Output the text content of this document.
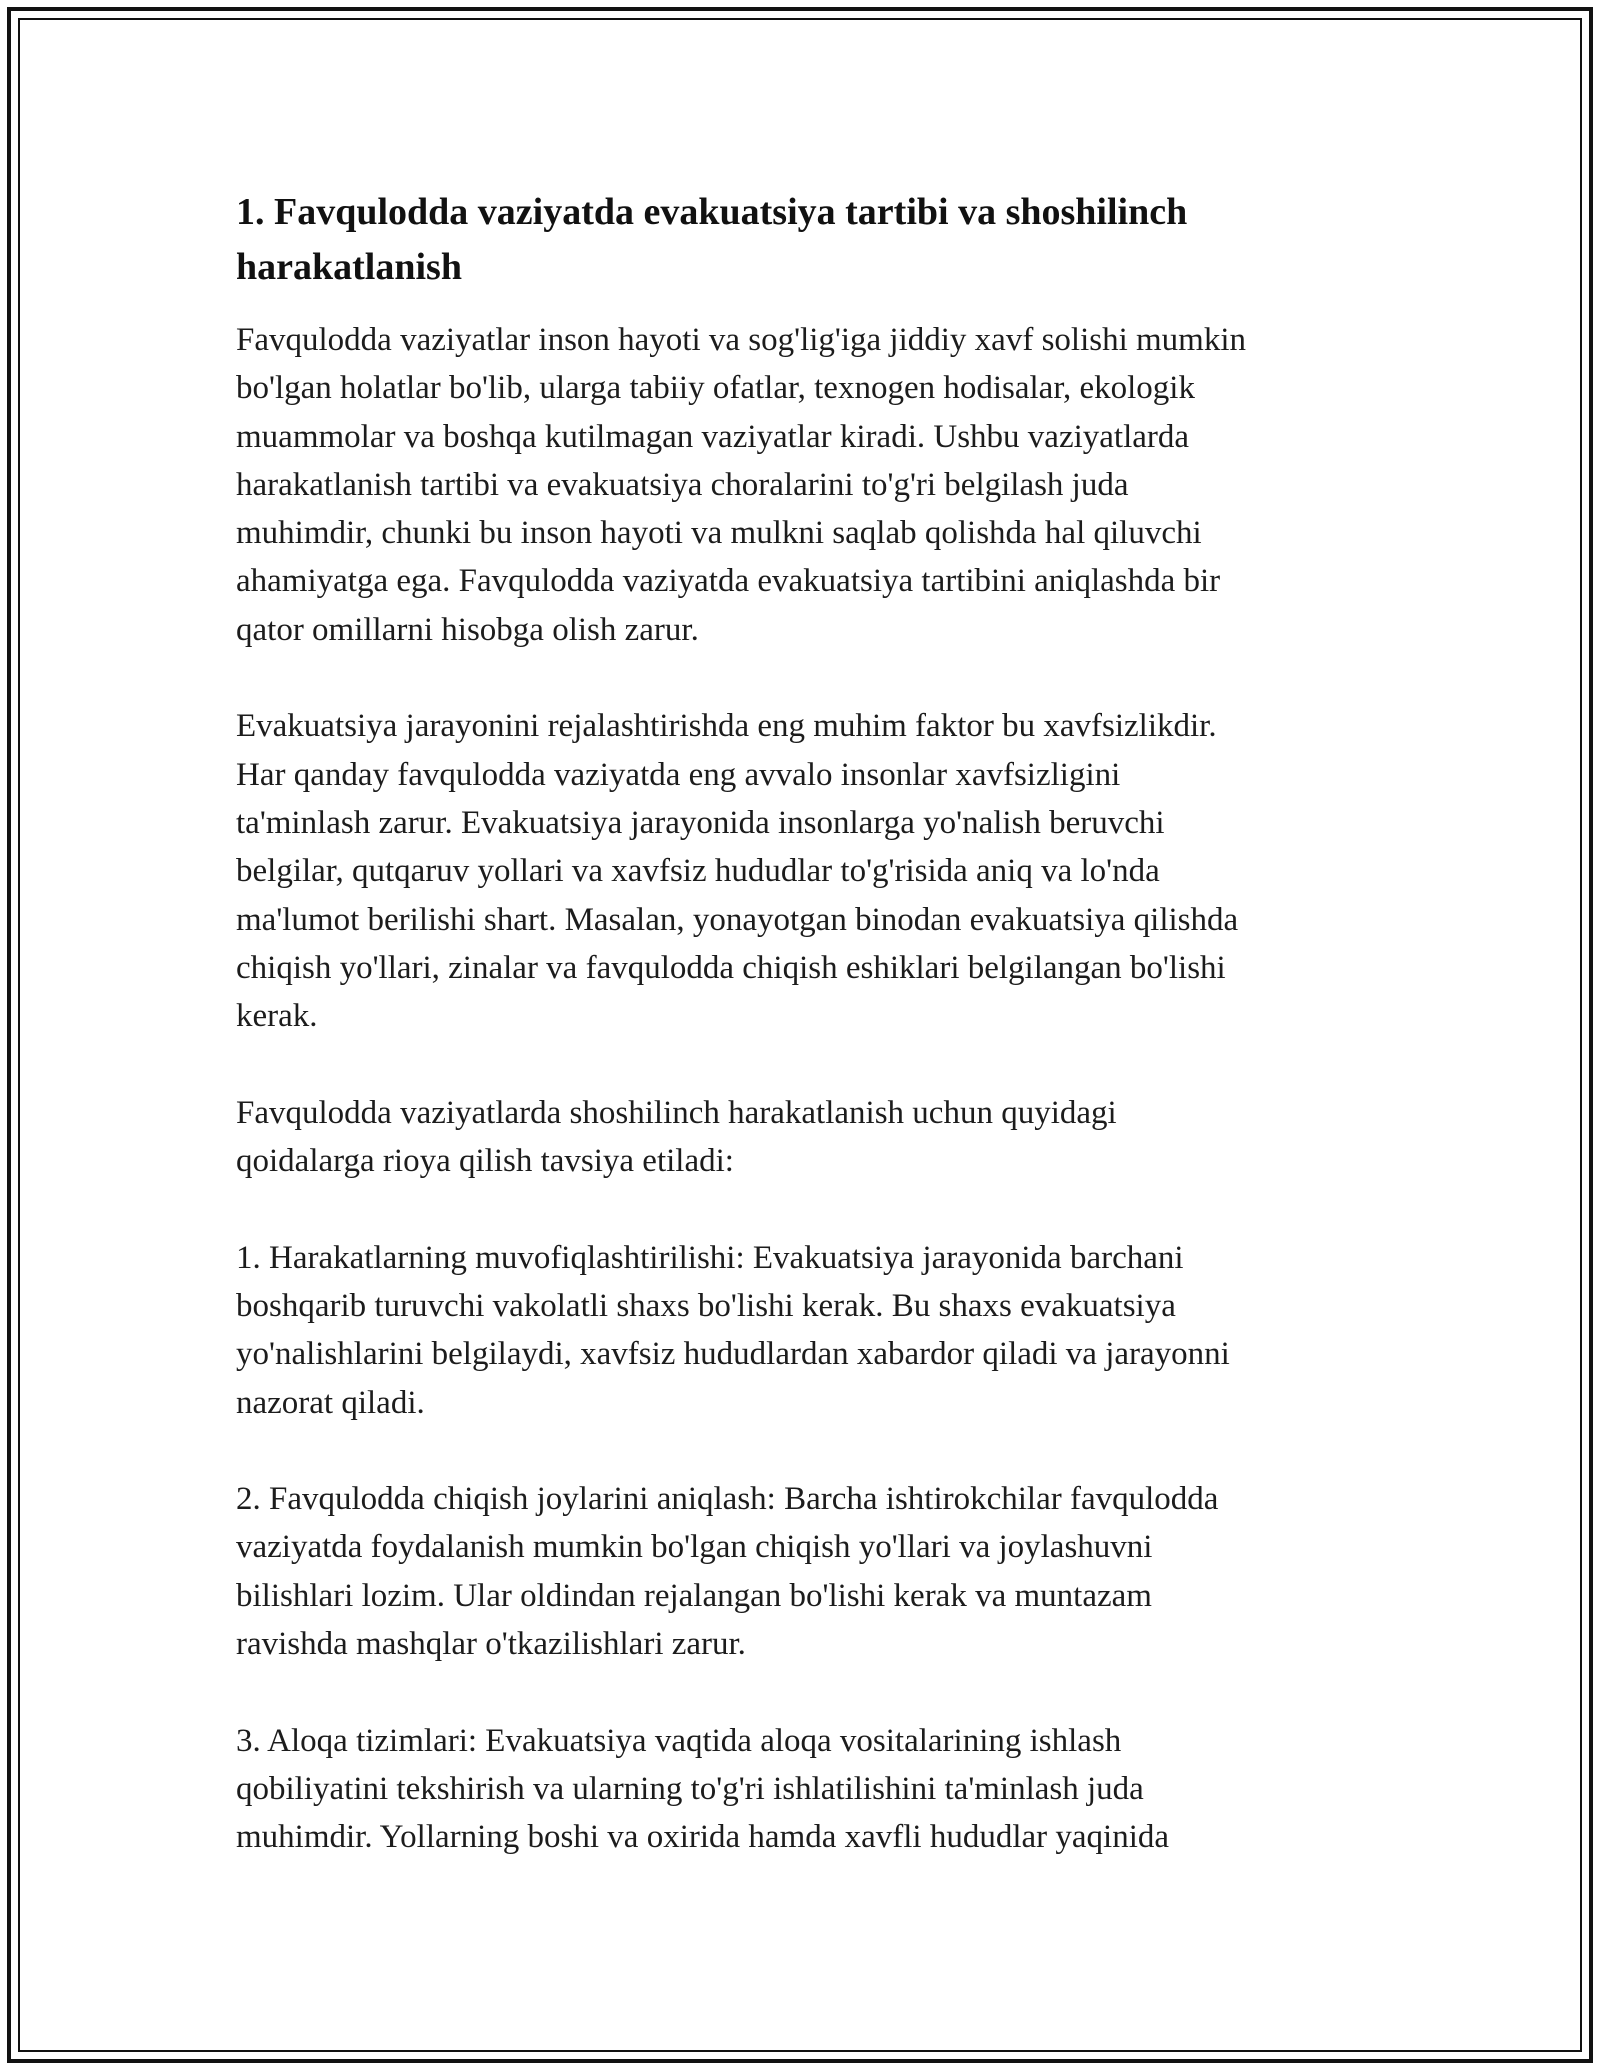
1. Favqulodda vaziyatda evakuatsiya tartibi va shoshilinch
harakatlanish

Favqulodda vaziyatlar inson hayoti va sog'lig'iga jiddiy xavf solishi mumkin
bo'lgan holatlar bo'lib, ularga tabiiy ofatlar, texnogen hodisalar, ekologik
muammolar va boshqa kutilmagan vaziyatlar kiradi. Ushbu vaziyatlarda
harakatlanish tartibi va evakuatsiya choralarini to'g'ri belgilash juda
muhimdir, chunki bu inson hayoti va mulkni saqlab qolishda hal qiluvchi
ahamiyatga ega. Favqulodda vaziyatda evakuatsiya tartibini aniqlashda bir
qator omillarni hisobga olish zarur.

Evakuatsiya jarayonini rejalashtirishda eng muhim faktor bu xavfsizlikdir.
Har qanday favqulodda vaziyatda eng avvalo insonlar xavfsizligini
ta'minlash zarur. Evakuatsiya jarayonida insonlarga yo'nalish beruvchi
belgilar, qutqaruv yollari va xavfsiz hududlar to'g'risida aniq va lo'nda
ma'lumot berilishi shart. Masalan, yonayotgan binodan evakuatsiya qilishda
chiqish yo'llari, zinalar va favqulodda chiqish eshiklari belgilangan bo'lishi
kerak.

Favqulodda vaziyatlarda shoshilinch harakatlanish uchun quyidagi
qoidalarga rioya qilish tavsiya etiladi:

1. Harakatlarning muvofiqlashtirilishi: Evakuatsiya jarayonida barchani
boshqarib turuvchi vakolatli shaxs bo'lishi kerak. Bu shaxs evakuatsiya
yo'nalishlarini belgilaydi, xavfsiz hududlardan xabardor qiladi va jarayonni
nazorat qiladi.

2. Favqulodda chiqish joylarini aniqlash: Barcha ishtirokchilar favqulodda
vaziyatda foydalanish mumkin bo'lgan chiqish yo'llari va joylashuvni
bilishlari lozim. Ular oldindan rejalangan bo'lishi kerak va muntazam
ravishda mashqlar o'tkazilishlari zarur.

3. Aloqa tizimlari: Evakuatsiya vaqtida aloqa vositalarining ishlash
qobiliyatini tekshirish va ularning to'g'ri ishlatilishini ta'minlash juda
muhimdir. Yollarning boshi va oxirida hamda xavfli hududlar yaqinida
